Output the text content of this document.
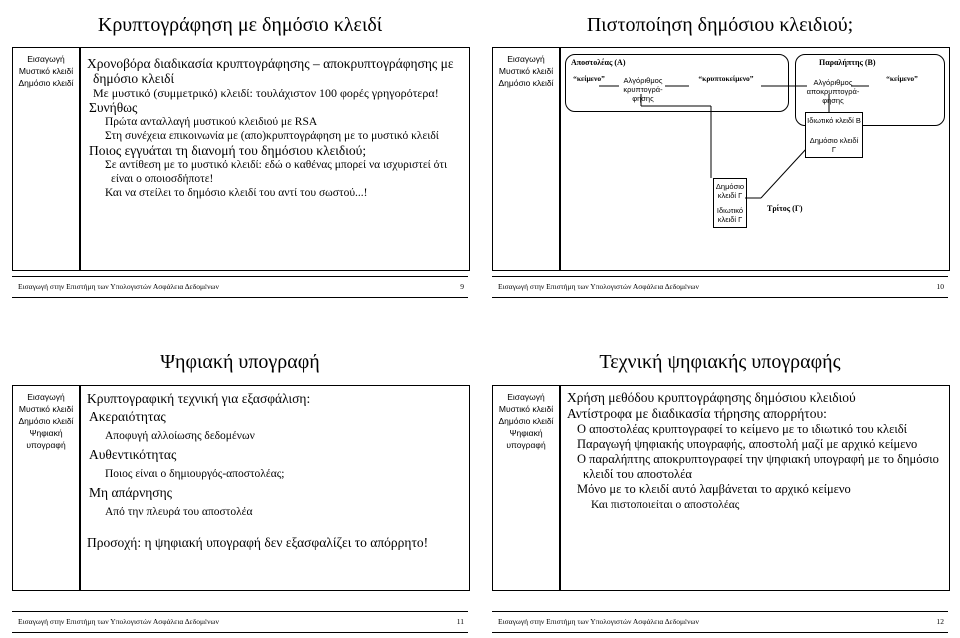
Κρυπτογράφηση με δημόσιο κλειδί
Εισαγωγή
Μυστικό κλειδί
Δημόσιο κλειδί
Χρονοβόρα διαδικασία κρυπτογράφησης – αποκρυπτογράφησης με δημόσιο κλειδί
Με μυστικό (συμμετρικό) κλειδί: τουλάχιστον 100 φορές γρηγορότερα!
Συνήθως
Πρώτα ανταλλαγή μυστικού κλειδιού με RSA
Στη συνέχεια επικοινωνία με (απο)κρυπτογράφηση με το μυστικό κλειδί
Ποιος εγγυάται τη διανομή του δημόσιου κλειδιού;
Σε αντίθεση με το μυστικό κλειδί: εδώ ο καθένας μπορεί να ισχυριστεί ότι είναι ο οποιοσδήποτε!
Και να στείλει το δημόσιο κλειδί του αντί του σωστού...!
Εισαγωγή στην Επιστήμη των Υπολογιστών Ασφάλεια Δεδομένων	9
Πιστοποίηση δημόσιου κλειδιού;
Εισαγωγή
Μυστικό κλειδί
Δημόσιο κλειδί
Αποστολέας (Α)
“κείμενο”	Αλγόριθμος κρυπτογρά-φησης
“κρυπτοκείμενο”
Παραλήπτης (Β)
Αλγόριθμος αποκρυπτογρά-φησης
“κείμενο”
Ιδιωτικό κλειδί Β
Δημόσιο κλειδί Γ
Δημόσιο κλειδί Γ
Ιδιωτικό κλειδί Γ
Τρίτος (Γ)
Εισαγωγή στην Επιστήμη των Υπολογιστών Ασφάλεια Δεδομένων	10
Ψηφιακή υπογραφή
Εισαγωγή
Μυστικό κλειδί
Δημόσιο κλειδί
Ψηφιακή υπογραφή
Κρυπτογραφική τεχνική για εξασφάλιση:
Ακεραιότητας
Αποφυγή αλλοίωσης δεδομένων
Αυθεντικότητας
Ποιος είναι ο δημιουργός-αποστολέας;
Μη απάρνησης
Από την πλευρά του αποστολέα
Προσοχή: η ψηφιακή υπογραφή δεν εξασφαλίζει το απόρρητο!
Εισαγωγή στην Επιστήμη των Υπολογιστών Ασφάλεια Δεδομένων	11
Τεχνική ψηφιακής υπογραφής
Εισαγωγή
Μυστικό κλειδί
Δημόσιο κλειδί
Ψηφιακή υπογραφή
Χρήση μεθόδου κρυπτογράφησης δημόσιου κλειδιού
Αντίστροφα με διαδικασία τήρησης απορρήτου:
Ο αποστολέας κρυπτογραφεί το κείμενο με το ιδιωτικό του κλειδί
Παραγωγή ψηφιακής υπογραφής, αποστολή μαζί με αρχικό κείμενο
Ο παραλήπτης αποκρυπτογραφεί την ψηφιακή υπογραφή με το δημόσιο κλειδί του αποστολέα
Μόνο με το κλειδί αυτό λαμβάνεται το αρχικό κείμενο
Και πιστοποιείται ο αποστολέας
Εισαγωγή στην Επιστήμη των Υπολογιστών Ασφάλεια Δεδομένων	12
